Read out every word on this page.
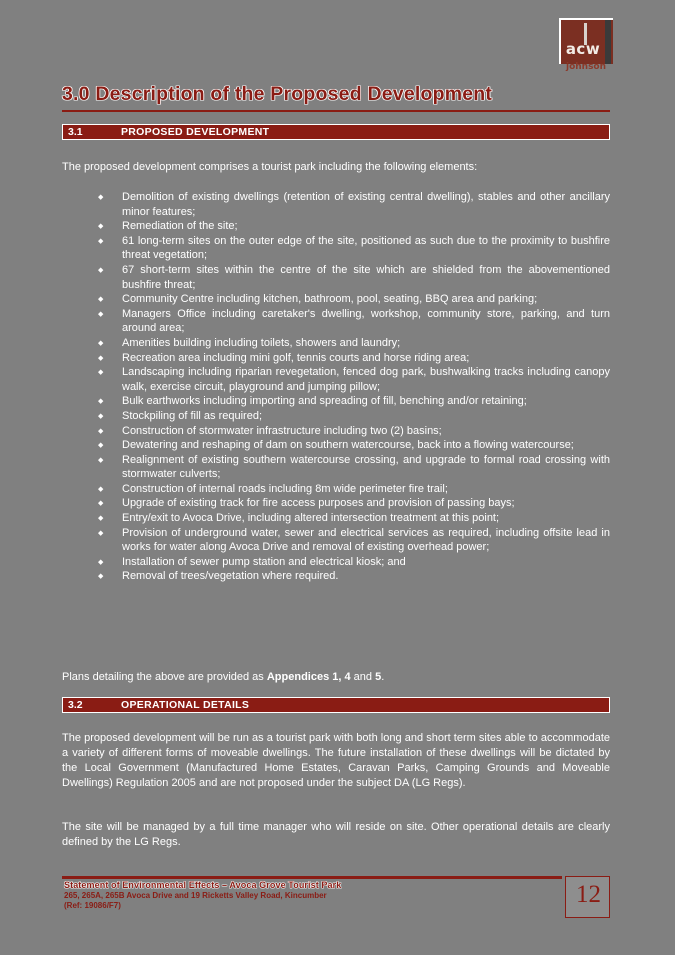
acw
johnson
3.0 Description of the Proposed Development
3.1	PROPOSED DEVELOPMENT
The proposed development comprises a tourist park including the following elements:
◆ Demolition of existing dwellings (retention of existing central dwelling), stables and other ancillary minor features;
◆ Remediation of the site;
◆ 61 long-term sites on the outer edge of the site, positioned as such due to the proximity to bushfire threat vegetation;
◆ 67 short-term sites within the centre of the site which are shielded from the abovementioned bushfire threat;
◆ Community Centre including kitchen, bathroom, pool, seating, BBQ area and parking;
◆ Managers Office including caretaker's dwelling, workshop, community store, parking, and turn around area;
◆ Amenities building including toilets, showers and laundry;
◆ Recreation area including mini golf, tennis courts and horse riding area;
◆ Landscaping including riparian revegetation, fenced dog park, bushwalking tracks including canopy walk, exercise circuit, playground and jumping pillow;
◆ Bulk earthworks including importing and spreading of fill, benching and/or retaining;
◆ Stockpiling of fill as required;
◆ Construction of stormwater infrastructure including two (2) basins;
◆ Dewatering and reshaping of dam on southern watercourse, back into a flowing watercourse;
◆ Realignment of existing southern watercourse crossing, and upgrade to formal road crossing with stormwater culverts;
◆ Construction of internal roads including 8m wide perimeter fire trail;
◆ Upgrade of existing track for fire access purposes and provision of passing bays;
◆ Entry/exit to Avoca Drive, including altered intersection treatment at this point;
◆ Provision of underground water, sewer and electrical services as required, including offsite lead in works for water along Avoca Drive and removal of existing overhead power;
◆ Installation of sewer pump station and electrical kiosk; and
◆ Removal of trees/vegetation where required.
Plans detailing the above are provided as Appendices 1, 4 and 5.
3.2	OPERATIONAL DETAILS
The proposed development will be run as a tourist park with both long and short term sites able to accommodate a variety of different forms of moveable dwellings. The future installation of these dwellings will be dictated by the Local Government (Manufactured Home Estates, Caravan Parks, Camping Grounds and Moveable Dwellings) Regulation 2005 and are not proposed under the subject DA (LG Regs).
The site will be managed by a full time manager who will reside on site. Other operational details are clearly defined by the LG Regs.
Statement of Environmental Effects – Avoca Grove Tourist Park
265, 265A, 265B Avoca Drive and 19 Ricketts Valley Road, Kincumber
(Ref: 19086/F7)	12
